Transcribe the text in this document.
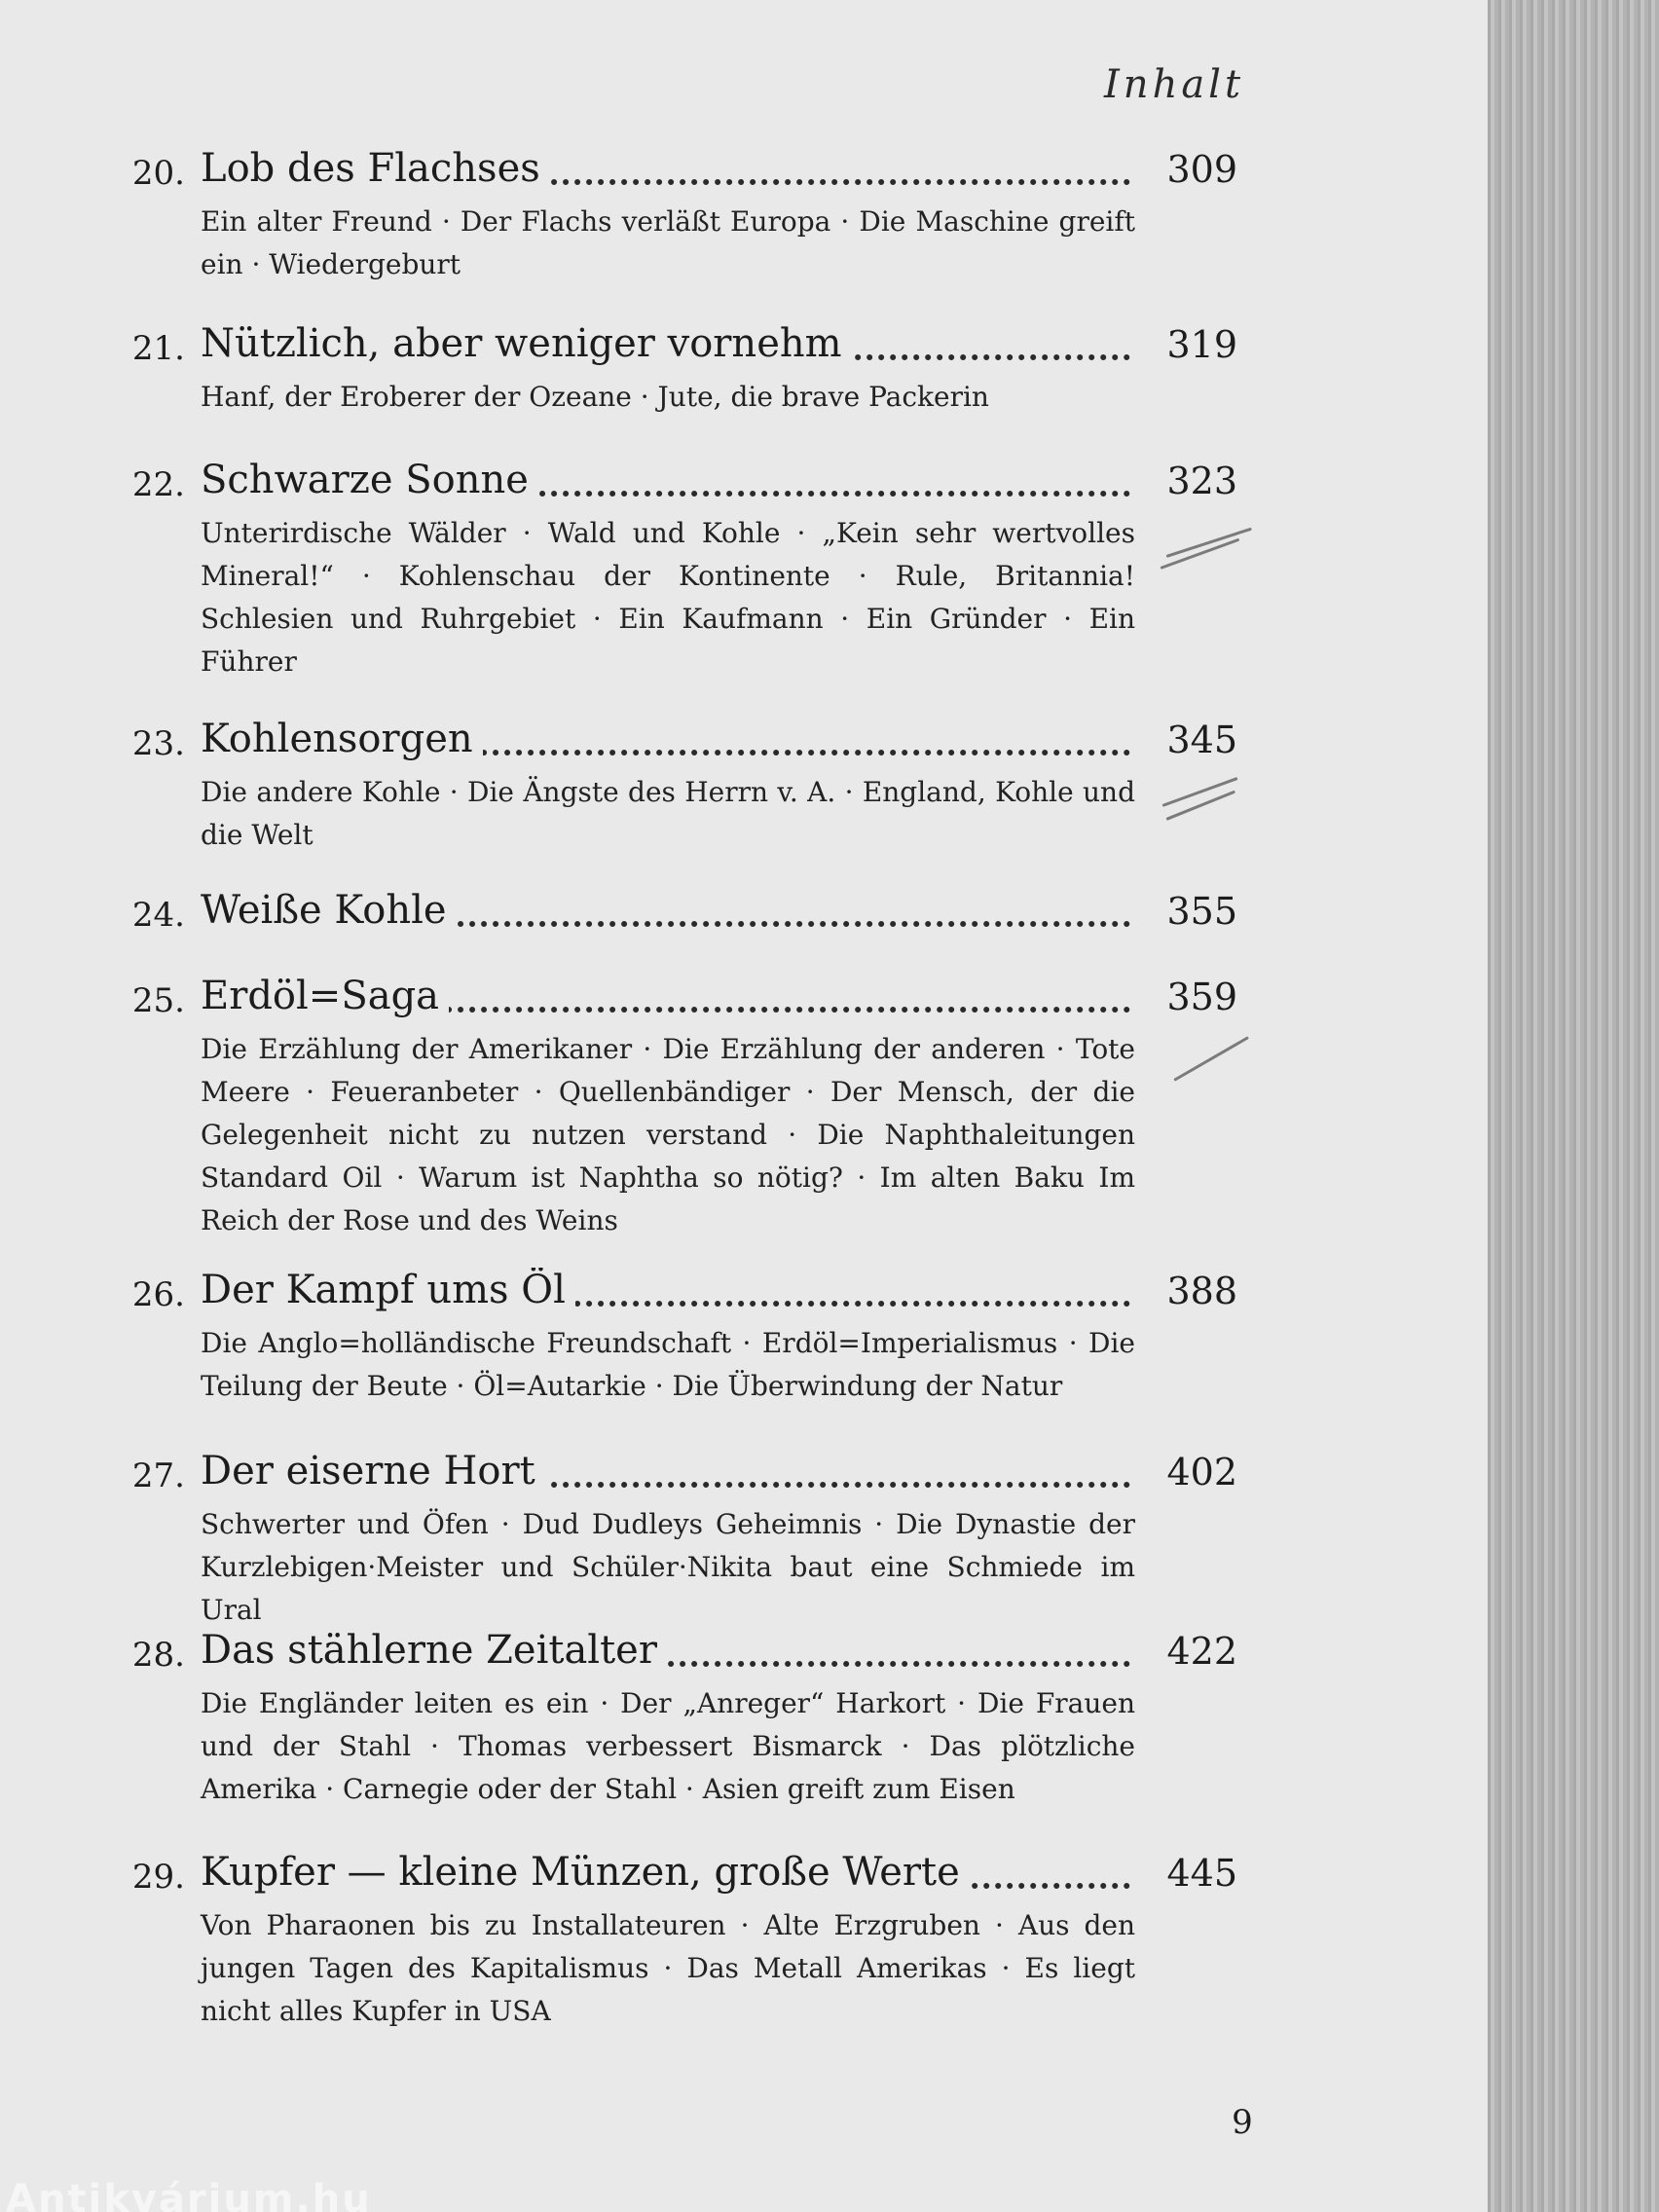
Inhalt
20. Lob des Flachses	309
Ein alter Freund · Der Flachs verläßt Europa · Die Maschine greift ein · Wiedergeburt
21. Nützlich, aber weniger vornehm	319
Hanf, der Eroberer der Ozeane · Jute, die brave Packerin
22. Schwarze Sonne	323
Unterirdische Wälder · Wald und Kohle · „Kein sehr wertvolles Mineral!“ · Kohlenschau der Kontinente · Rule, Britannia! Schlesien und Ruhrgebiet · Ein Kaufmann · Ein Gründer · Ein Führer
23. Kohlensorgen	345
Die andere Kohle · Die Ängste des Herrn v. A. · England, Kohle und die Welt
24. Weiße Kohle	355
25. Erdöl=Saga	359
Die Erzählung der Amerikaner · Die Erzählung der anderen · Tote Meere · Feueranbeter · Quellenbändiger · Der Mensch, der die Gelegenheit nicht zu nutzen verstand · Die Naphthaleitungen Standard Oil · Warum ist Naphtha so nötig? · Im alten Baku Im Reich der Rose und des Weins
26. Der Kampf ums Öl	388
Die Anglo=holländische Freundschaft · Erdöl=Imperialismus · Die Teilung der Beute · Öl=Autarkie · Die Überwindung der Natur
27. Der eiserne Hort	402
Schwerter und Öfen · Dud Dudleys Geheimnis · Die Dynastie der Kurzlebigen·Meister und Schüler·Nikita baut eine Schmiede im Ural
28. Das stählerne Zeitalter	422
Die Engländer leiten es ein · Der „Anreger“ Harkort · Die Frauen und der Stahl · Thomas verbessert Bismarck · Das plötzliche Amerika · Carnegie oder der Stahl · Asien greift zum Eisen
29. Kupfer — kleine Münzen, große Werte	445
Von Pharaonen bis zu Installateuren · Alte Erzgruben · Aus den jungen Tagen des Kapitalismus · Das Metall Amerikas · Es liegt nicht alles Kupfer in USA
9
Antikvárium.hu
